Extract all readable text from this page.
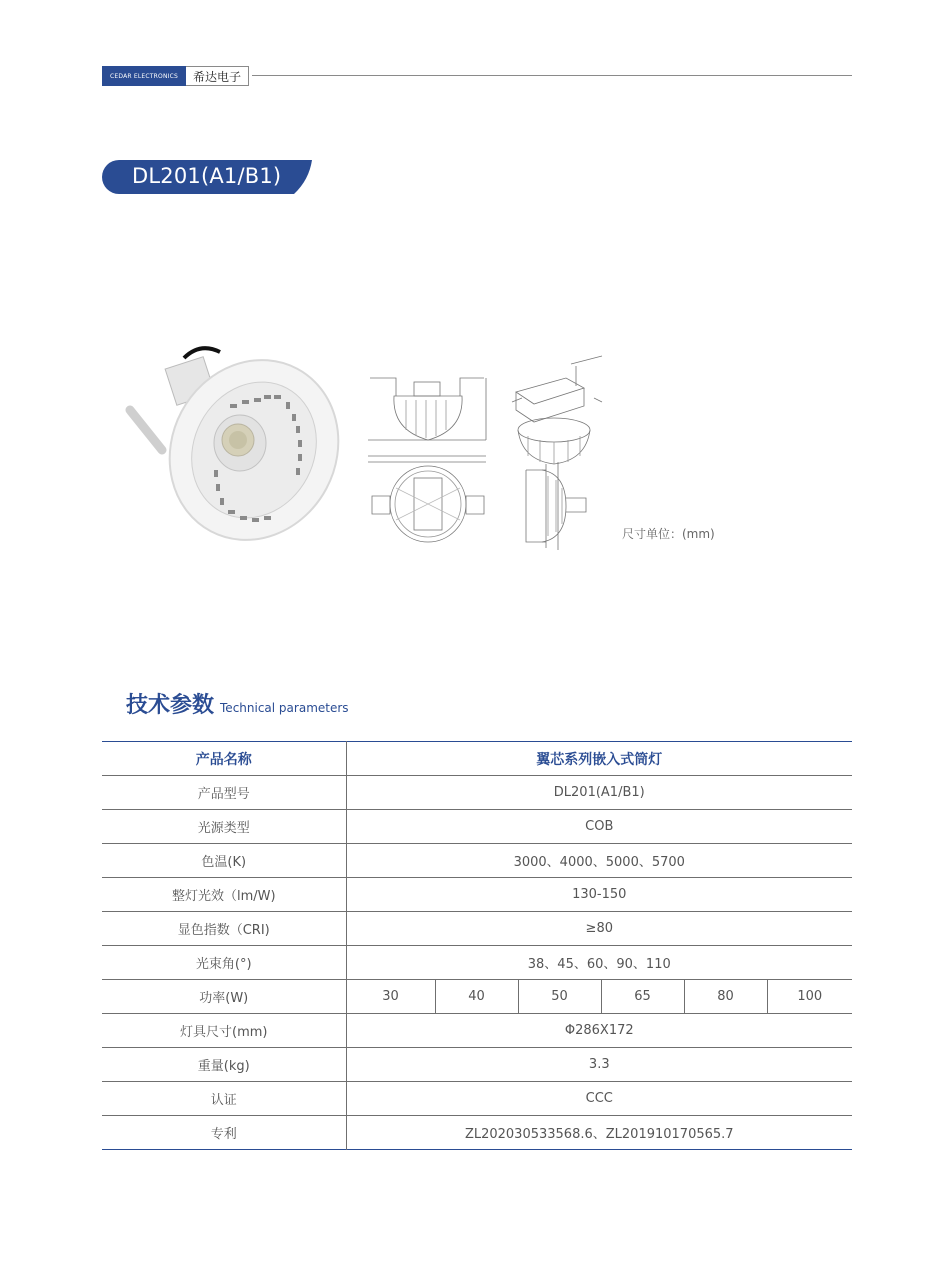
CEDAR ELECTRONICS	希达电子
DL201(A1/B1)
尺寸单位：(mm)
技术参数 Technical parameters
产品名称	翼芯系列嵌入式筒灯					
产品型号	DL201(A1/B1)					
光源类型	COB					
色温(K)	3000、4000、5000、5700					
整灯光效（lm/W)	130-150					
显色指数（CRI)	≥80					
光束角(°)	38、45、60、90、110					
功率(W)	30	40	50	65	80	100
灯具尺寸(mm)	Φ286X172					
重量(kg)	3.3					
认证	CCC					
专利	ZL202030533568.6、ZL201910170565.7					
